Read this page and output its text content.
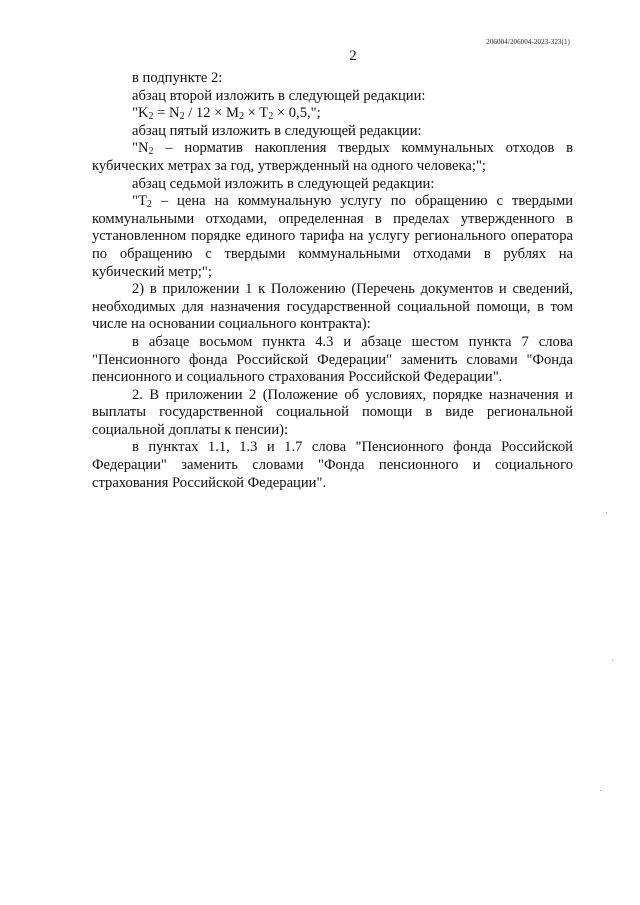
206004/206004-2023-323(1)
2

в подпункте 2:

абзац второй изложить в следующей редакции:

"$K_2 = N_2 / 12 \times M_2 \times T_2 \times 0,5$,";

абзац пятый изложить в следующей редакции:

"$N_2$ – норматив накопления твердых коммунальных отходов в кубических метрах за год, утвержденный на одного человека;";

абзац седьмой изложить в следующей редакции:

"$T_2$ – цена на коммунальную услугу по обращению с твердыми коммунальными отходами, определенная в пределах утвержденного в установленном порядке единого тарифа на услугу регионального оператора по обращению с твердыми коммунальными отходами в рублях на кубический метр;";

2) в приложении 1 к Положению (Перечень документов и сведений, необходимых для назначения государственной социальной помощи, в том числе на основании социального контракта):

в абзаце восьмом пункта 4.3 и абзаце шестом пункта 7 слова "Пенсионного фонда Российской Федерации" заменить словами "Фонда пенсионного и социального страхования Российской Федерации".

2. В приложении 2 (Положение об условиях, порядке назначения и выплаты государственной социальной помощи в виде региональной социальной доплаты к пенсии):

в пунктах 1.1, 1.3 и 1.7 слова "Пенсионного фонда Российской Федерации" заменить словами "Фонда пенсионного и социального страхования Российской Федерации".
